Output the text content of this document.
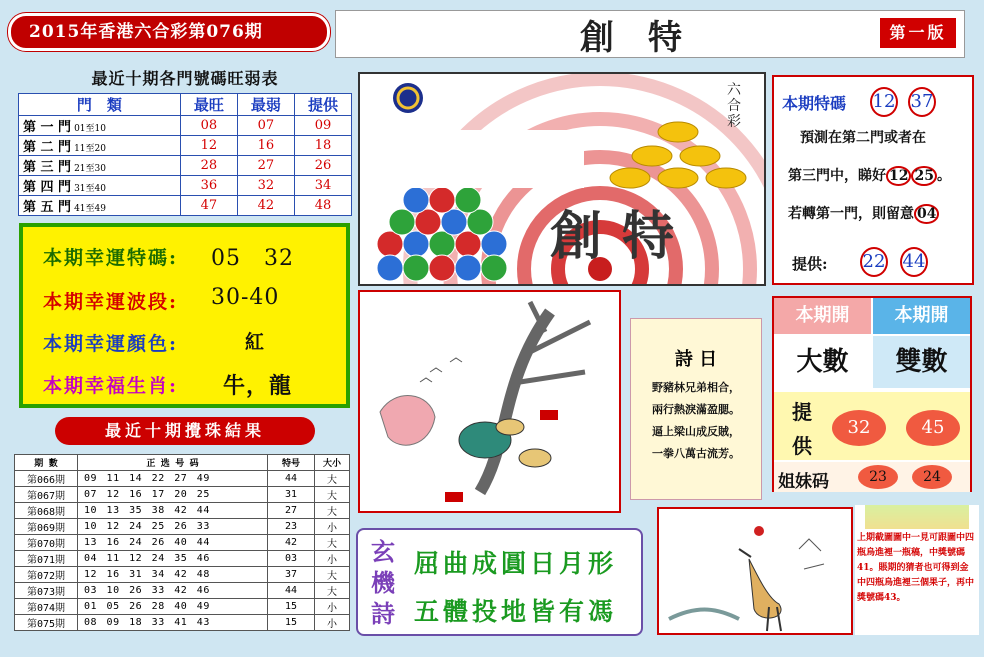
2015年香港六合彩第076期	創特	第一版
最近十期各門號碼旺弱表
門　類	最旺	最弱	提供
第 一 門 01至10	08	07	09
第 二 門 11至20	12	16	18
第 三 門 21至30	28	27	26
第 四 門 31至40	36	32	34
第 五 門 41至49	47	42	48
本期幸運特碼: 05　32
本期幸運波段: 30-40
本期幸運顏色:	紅
本期幸福生肖: 牛，龍
最近十期攪珠結果
期 數	正 选 号 码	特号	大小
第066期	09 11 14 22 27 49	44	大
第067期	07 12 16 17 20 25	31	大
第068期	10 13 35 38 42 44	27	大
第069期	10 12 24 25 26 33	23	小
第070期	13 16 24 26 40 44	42	大
第071期	04 11 12 24 35 46	03	小
第072期	12 16 31 34 42 48	37	大
第073期	03 10 26 33 42 46	44	大
第074期	01 05 26 28 40 49	15	小
第075期	08 09 18 33 41 43	15	小
六合彩
創特
本期特碼 12 37
預測在第二門或者在
第三門中，睇好 12 25 。
若轉第一門，則留意 04
提供: 22 44
詩 日
野豬林兄弟相合，
兩行熱淚滿盈腮。
逼上梁山成反賊，
一拳八萬古流芳。
本期開	本期開
大數	雙數
提
供
32	45
姐妹码	23	24
玄
機
詩
屈曲成圓日月形
五體投地皆有馮
上期截圖圖中一見可跟圖中四瓶烏進裡一瓶稿，中獎號碼41。賬期的猜者也可得到金中四瓶烏進裡三個果子，再中獎號碼43。
